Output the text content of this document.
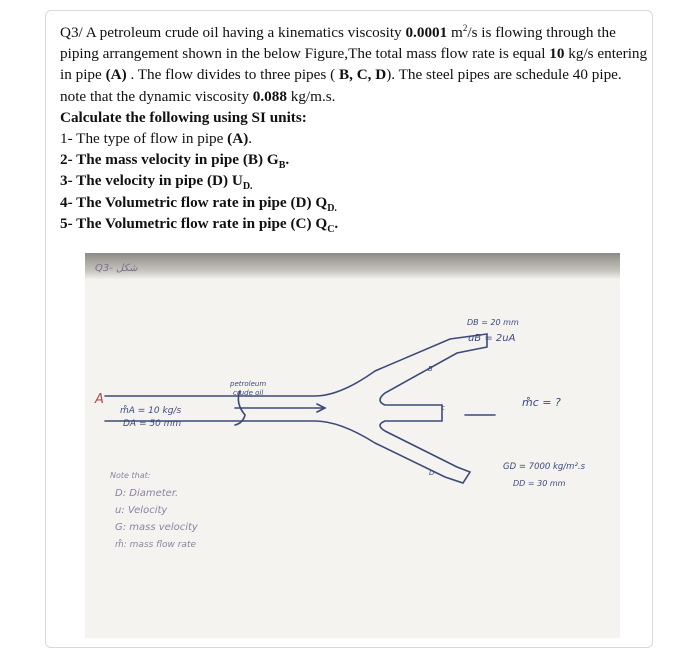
Q3/ A petroleum crude oil having a kinematics viscosity 0.0001 $m^2/s$ is flowing through the piping arrangement shown in the below Figure,The total mass flow rate is equal 10 kg/s entering in pipe (A) . The flow divides to three pipes ( B, C, D). The steel pipes are schedule 40 pipe. note that the dynamic viscosity 0.088 kg/m.s.

Calculate the following using SI units:

1- The type of flow in pipe (A).

2- The mass velocity in pipe (B) $G_B$.

3- The velocity in pipe (D) $U_{D.}$

4- The Volumetric flow rate in pipe (D) $Q_{D.}$

5- The Volumetric flow rate in pipe (C) $Q_C$.

Q3- شكل
A
petroleum
crude oil
m̊A = 10 kg/s
DA = 50 mm
B
DB = 20 mm
uB = 2uA
c	m̊c = ?
D
GD = 7000 kg/m².s
DD = 30 mm
Note that:
D: Diameter.
u: Velocity
G: mass velocity
m̊: mass flow rate
